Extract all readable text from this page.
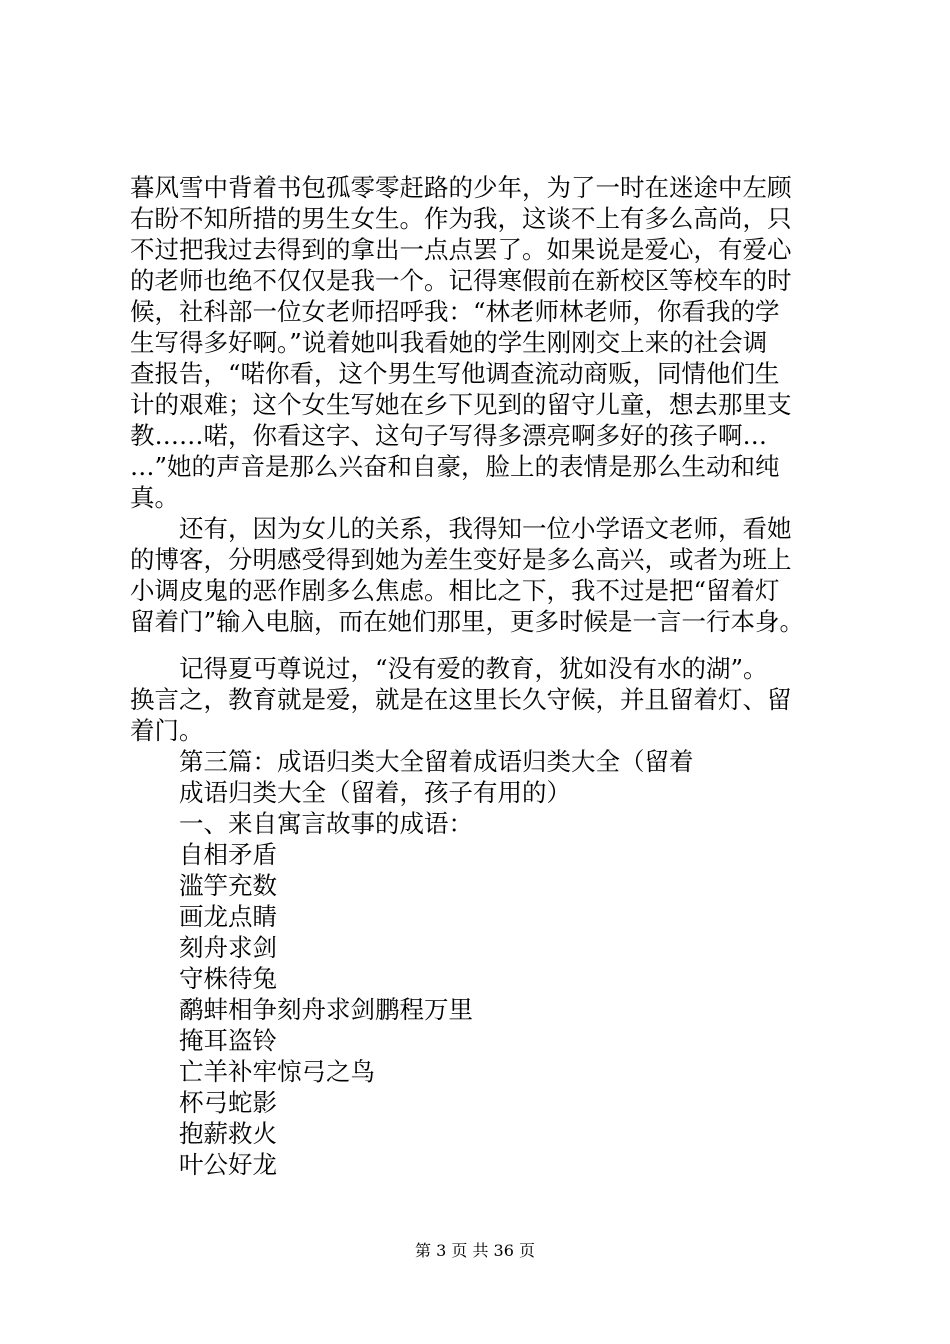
暮风雪中背着书包孤零零赶路的少年，为了一时在迷途中左顾
右盼不知所措的男生女生。作为我，这谈不上有多么高尚，只
不过把我过去得到的拿出一点点罢了。如果说是爱心，有爱心
的老师也绝不仅仅是我一个。记得寒假前在新校区等校车的时
候，社科部一位女老师招呼我：“林老师林老师，你看我的学
生写得多好啊。”说着她叫我看她的学生刚刚交上来的社会调
查报告，“喏你看，这个男生写他调查流动商贩，同情他们生
计的艰难；这个女生写她在乡下见到的留守儿童，想去那里支
教……喏，你看这字、这句子写得多漂亮啊多好的孩子啊…
…”她的声音是那么兴奋和自豪，脸上的表情是那么生动和纯
真。
还有，因为女儿的关系，我得知一位小学语文老师，看她
的博客，分明感受得到她为差生变好是多么高兴，或者为班上
小调皮鬼的恶作剧多么焦虑。相比之下，我不过是把“留着灯
留着门”输入电脑，而在她们那里，更多时候是一言一行本身。
记得夏丏尊说过，“没有爱的教育，犹如没有水的湖”。
换言之，教育就是爱，就是在这里长久守候，并且留着灯、留
着门。
第三篇：成语归类大全留着成语归类大全（留着
成语归类大全（留着，孩子有用的）
一、来自寓言故事的成语：
自相矛盾
滥竽充数
画龙点睛
刻舟求剑
守株待兔
鹬蚌相争刻舟求剑鹏程万里
掩耳盗铃
亡羊补牢惊弓之鸟
杯弓蛇影
抱薪救火
叶公好龙
第 3 页 共 36 页
